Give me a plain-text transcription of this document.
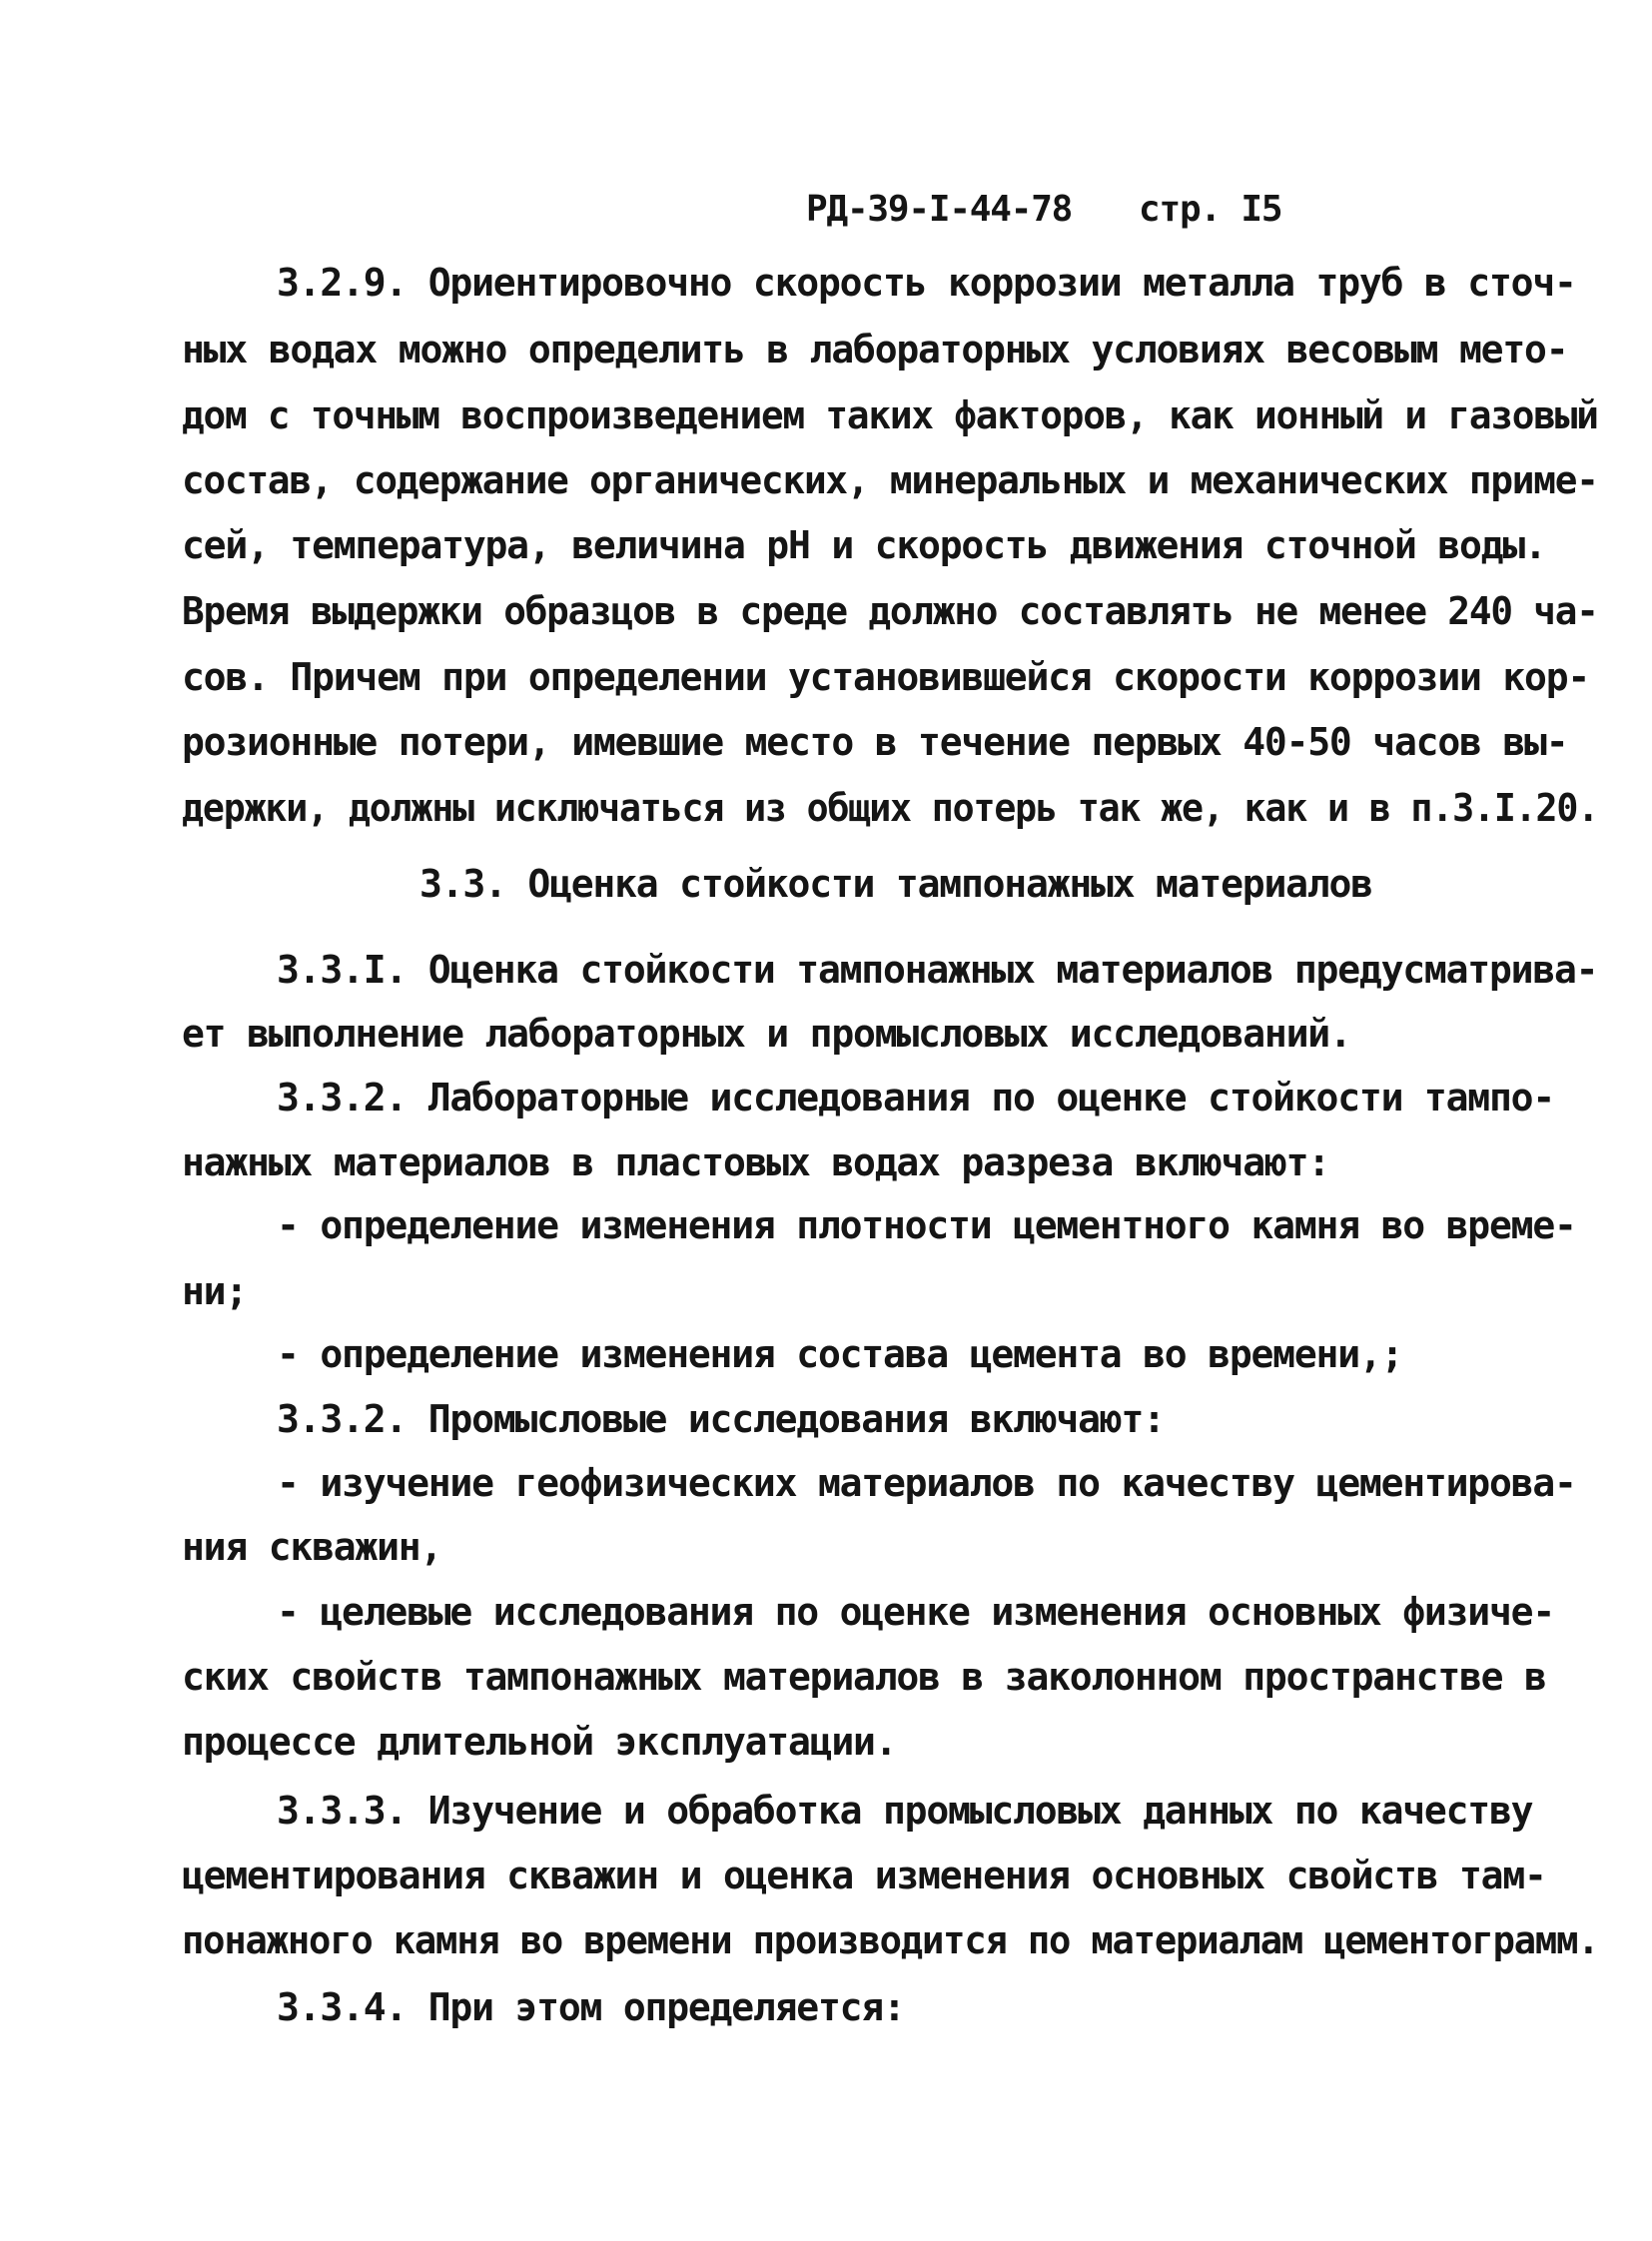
РД-39-I-44-78 стр. I5
3.2.9. Ориентировочно скорость коррозии металла труб в сточ-
ных водах можно определить в лабораторных условиях весовым мето-
дом с точным воспроизведением таких факторов, как ионный и газовый
состав, содержание органических, минеральных и механических приме-
сей, температура, величина pH и скорость движения сточной воды.
Время выдержки образцов в среде должно составлять не менее 240 ча-
сов. Причем при определении установившейся скорости коррозии кор-
розионные потери, имевшие место в течение первых 40-50 часов вы-
держки, должны исключаться из общих потерь так же, как и в п.3.I.20.
3.3. Оценка стойкости тампонажных материалов
3.3.I. Оценка стойкости тампонажных материалов предусматрива-
ет выполнение лабораторных и промысловых исследований.
3.3.2. Лабораторные исследования по оценке стойкости тампо-
нажных материалов в пластовых водах разреза включают:
- определение изменения плотности цементного камня во време-
ни;
- определение изменения состава цемента во времени,;
3.3.2. Промысловые исследования включают:
- изучение геофизических материалов по качеству цементирова-
ния скважин,
- целевые исследования по оценке изменения основных физиче-
ских свойств тампонажных материалов в заколонном пространстве в
процессе длительной эксплуатации.
3.3.3. Изучение и обработка промысловых данных по качеству
цементирования скважин и оценка изменения основных свойств там-
понажного камня во времени производится по материалам цементограмм.
3.3.4. При этом определяется:
